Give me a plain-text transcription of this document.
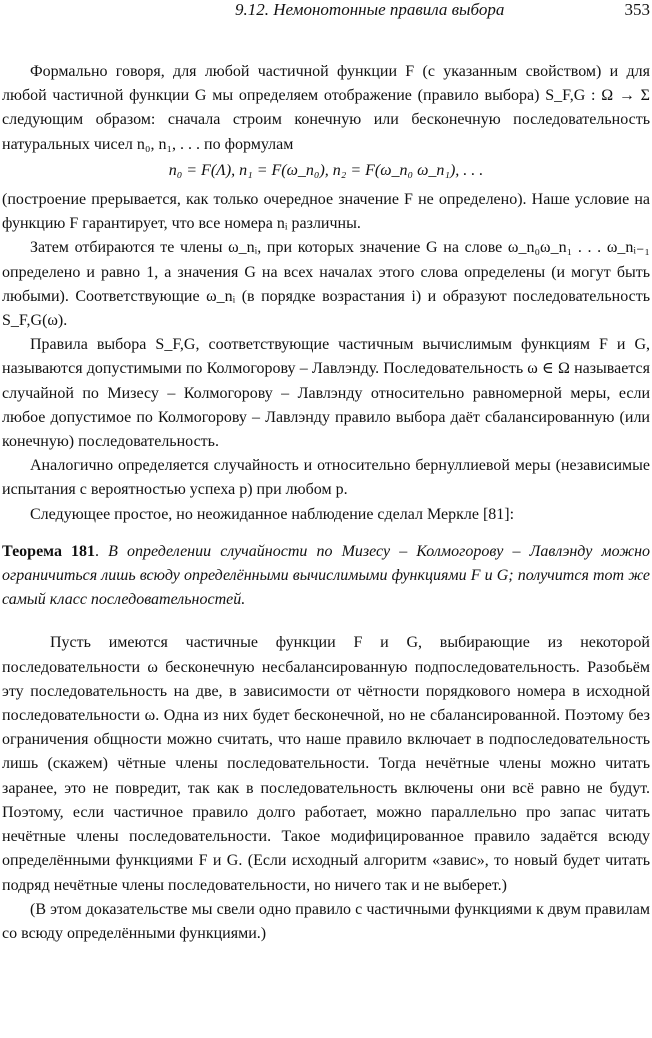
9.12. Немонотонные правила выбора	353

Формально говоря, для любой частичной функции F (с указанным свойством) и для любой частичной функции G мы определяем отображение (правило выбора) S_F,G : Ω → Σ следующим образом: сначала строим конечную или бесконечную последовательность натуральных чисел n₀, n₁, . . . по формулам

n₀ = F(Λ), n₁ = F(ω_n₀), n₂ = F(ω_n₀ ω_n₁), . . .

(построение прерывается, как только очередное значение F не определено). Наше условие на функцию F гарантирует, что все номера nᵢ различны.

Затем отбираются те члены ω_nᵢ, при которых значение G на слове ω_n₀ω_n₁ . . . ω_nᵢ₋₁ определено и равно 1, а значения G на всех началах этого слова определены (и могут быть любыми). Соответствующие ω_nᵢ (в порядке возрастания i) и образуют последовательность S_F,G(ω).

Правила выбора S_F,G, соответствующие частичным вычислимым функциям F и G, называются допустимыми по Колмогорову – Лавлэнду. Последовательность ω ∈ Ω называется случайной по Мизесу – Колмогорову – Лавлэнду относительно равномерной меры, если любое допустимое по Колмогорову – Лавлэнду правило выбора даёт сбалансированную (или конечную) последовательность.

Аналогично определяется случайность и относительно бернуллиевой меры (независимые испытания с вероятностью успеха p) при любом p.

Следующее простое, но неожиданное наблюдение сделал Меркле [81]:

Теорема 181. В определении случайности по Мизесу – Колмогорову – Лавлэнду можно ограничиться лишь всюду определёнными вычислимыми функциями F и G; получится тот же самый класс последовательностей.

Пусть имеются частичные функции F и G, выбирающие из некоторой последовательности ω бесконечную несбалансированную подпоследовательность. Разобьём эту последовательность на две, в зависимости от чётности порядкового номера в исходной последовательности ω. Одна из них будет бесконечной, но не сбалансированной. Поэтому без ограничения общности можно считать, что наше правило включает в подпоследовательность лишь (скажем) чётные члены последовательности. Тогда нечётные члены можно читать заранее, это не повредит, так как в последовательность включены они всё равно не будут. Поэтому, если частичное правило долго работает, можно параллельно про запас читать нечётные члены последовательности. Такое модифицированное правило задаётся всюду определёнными функциями F и G. (Если исходный алгоритм «завис», то новый будет читать подряд нечётные члены последовательности, но ничего так и не выберет.)

(В этом доказательстве мы свели одно правило с частичными функциями к двум правилам со всюду определёнными функциями.)
